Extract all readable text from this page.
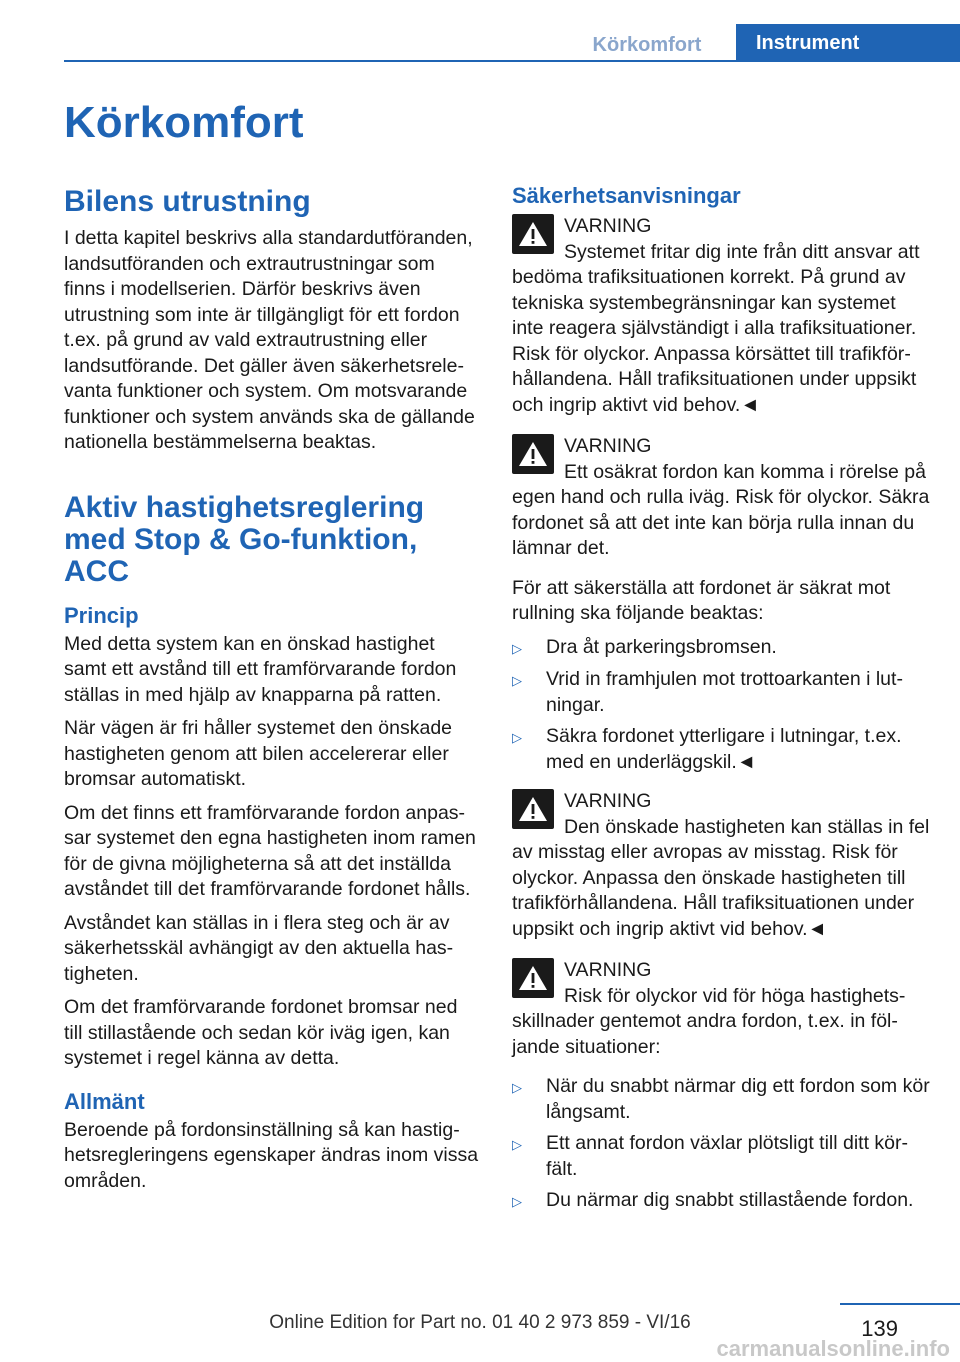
Körkomfort	Instrument
Körkomfort
Bilens utrustning

I detta kapitel beskrivs alla standardutföranden, landsutföranden och extrautrustningar som finns i modellserien. Därför beskrivs även utrustning som inte är tillgängligt för ett fordon t.ex. på grund av vald extrautrustning eller landsutförande. Det gäller även säkerhetsrelevanta funktioner och system. Om motsvarande funktioner och system används ska de gällande nationella bestämmelserna beaktas.

Aktiv hastighetsreglering med Stop & Go-funktion, ACC
Princip

Med detta system kan en önskad hastighet samt ett avstånd till ett framförvarande fordon ställas in med hjälp av knapparna på ratten.

När vägen är fri håller systemet den önskade hastigheten genom att bilen accelererar eller bromsar automatiskt.

Om det finns ett framförvarande fordon anpassar systemet den egna hastigheten inom ramen för de givna möjligheterna så att det inställda avståndet till det framförvarande fordonet hålls.

Avståndet kan ställas in i flera steg och är av säkerhetsskäl avhängigt av den aktuella hastigheten.

Om det framförvarande fordonet bromsar ned till stillastående och sedan kör iväg igen, kan systemet i regel känna av detta.

Allmänt

Beroende på fordonsinställning så kan hastighetsregleringens egenskaper ändras inom vissa områden.

Säkerhetsanvisningar
VARNING

Systemet fritar dig inte från ditt ansvar att bedöma trafiksituationen korrekt. På grund av tekniska systembegränsningar kan systemet inte reagera självständigt i alla trafiksituationer. Risk för olyckor. Anpassa körsättet till trafikförhållandena. Håll trafiksituationen under uppsikt och ingrip aktivt vid behov.◄

VARNING

Ett osäkrat fordon kan komma i rörelse på egen hand och rulla iväg. Risk för olyckor. Säkra fordonet så att det inte kan börja rulla innan du lämnar det.

För att säkerställa att fordonet är säkrat mot rullning ska följande beaktas:

▷	Dra åt parkeringsbromsen.
▷	Vrid in framhjulen mot trottoarkanten i lutningar.
▷	Säkra fordonet ytterligare i lutningar, t.ex. med en underläggskil.◄
VARNING

Den önskade hastigheten kan ställas in fel av misstag eller avropas av misstag. Risk för olyckor. Anpassa den önskade hastigheten till trafikförhållandena. Håll trafiksituationen under uppsikt och ingrip aktivt vid behov.◄

VARNING

Risk för olyckor vid för höga hastighetsskillnader gentemot andra fordon, t.ex. in följande situationer:

▷	När du snabbt närmar dig ett fordon som kör långsamt.
▷	Ett annat fordon växlar plötsligt till ditt körfält.
▷	Du närmar dig snabbt stillastående fordon.
139
Online Edition for Part no. 01 40 2 973 859 - VI/16
carmanualsonline.info
